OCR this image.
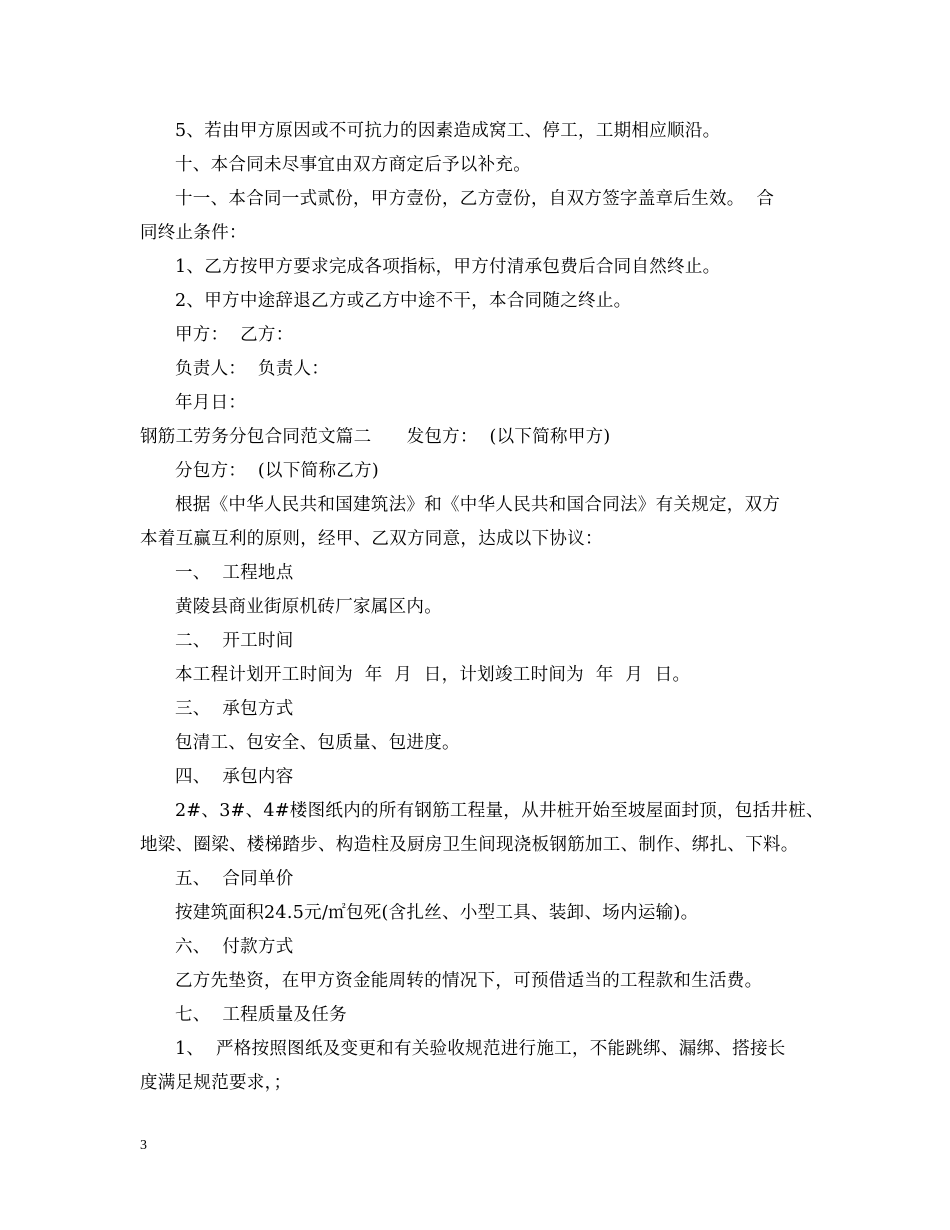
5、若由甲方原因或不可抗力的因素造成窝工、停工，工期相应顺沿。
十、本合同未尽事宜由双方商定后予以补充。
十一、本合同一式贰份，甲方壹份，乙方壹份，自双方签字盖章后生效。  合
同终止条件：
1、乙方按甲方要求完成各项指标，甲方付清承包费后合同自然终止。
2、甲方中途辞退乙方或乙方中途不干，本合同随之终止。
甲方：  乙方：
负责人：  负责人：
年月日：
钢筋工劳务分包合同范文篇二      发包方：  (以下简称甲方)
分包方：  (以下简称乙方)
根据《中华人民共和国建筑法》和《中华人民共和国合同法》有关规定，双方
本着互赢互利的原则，经甲、乙双方同意，达成以下协议：
一、  工程地点
黄陵县商业街原机砖厂家属区内。
二、  开工时间
本工程计划开工时间为  年  月  日，计划竣工时间为  年  月  日。
三、  承包方式
包清工、包安全、包质量、包进度。
四、  承包内容
2#、3#、4#楼图纸内的所有钢筋工程量，从井桩开始至坡屋面封顶，包括井桩、
地梁、圈梁、楼梯踏步、构造柱及厨房卫生间现浇板钢筋加工、制作、绑扎、下料。
五、  合同单价
按建筑面积24.5元/㎡包死(含扎丝、小型工具、装卸、场内运输)。
六、  付款方式
乙方先垫资，在甲方资金能周转的情况下，可预借适当的工程款和生活费。
七、  工程质量及任务
1、  严格按照图纸及变更和有关验收规范进行施工，不能跳绑、漏绑、搭接长
度满足规范要求，；
3
